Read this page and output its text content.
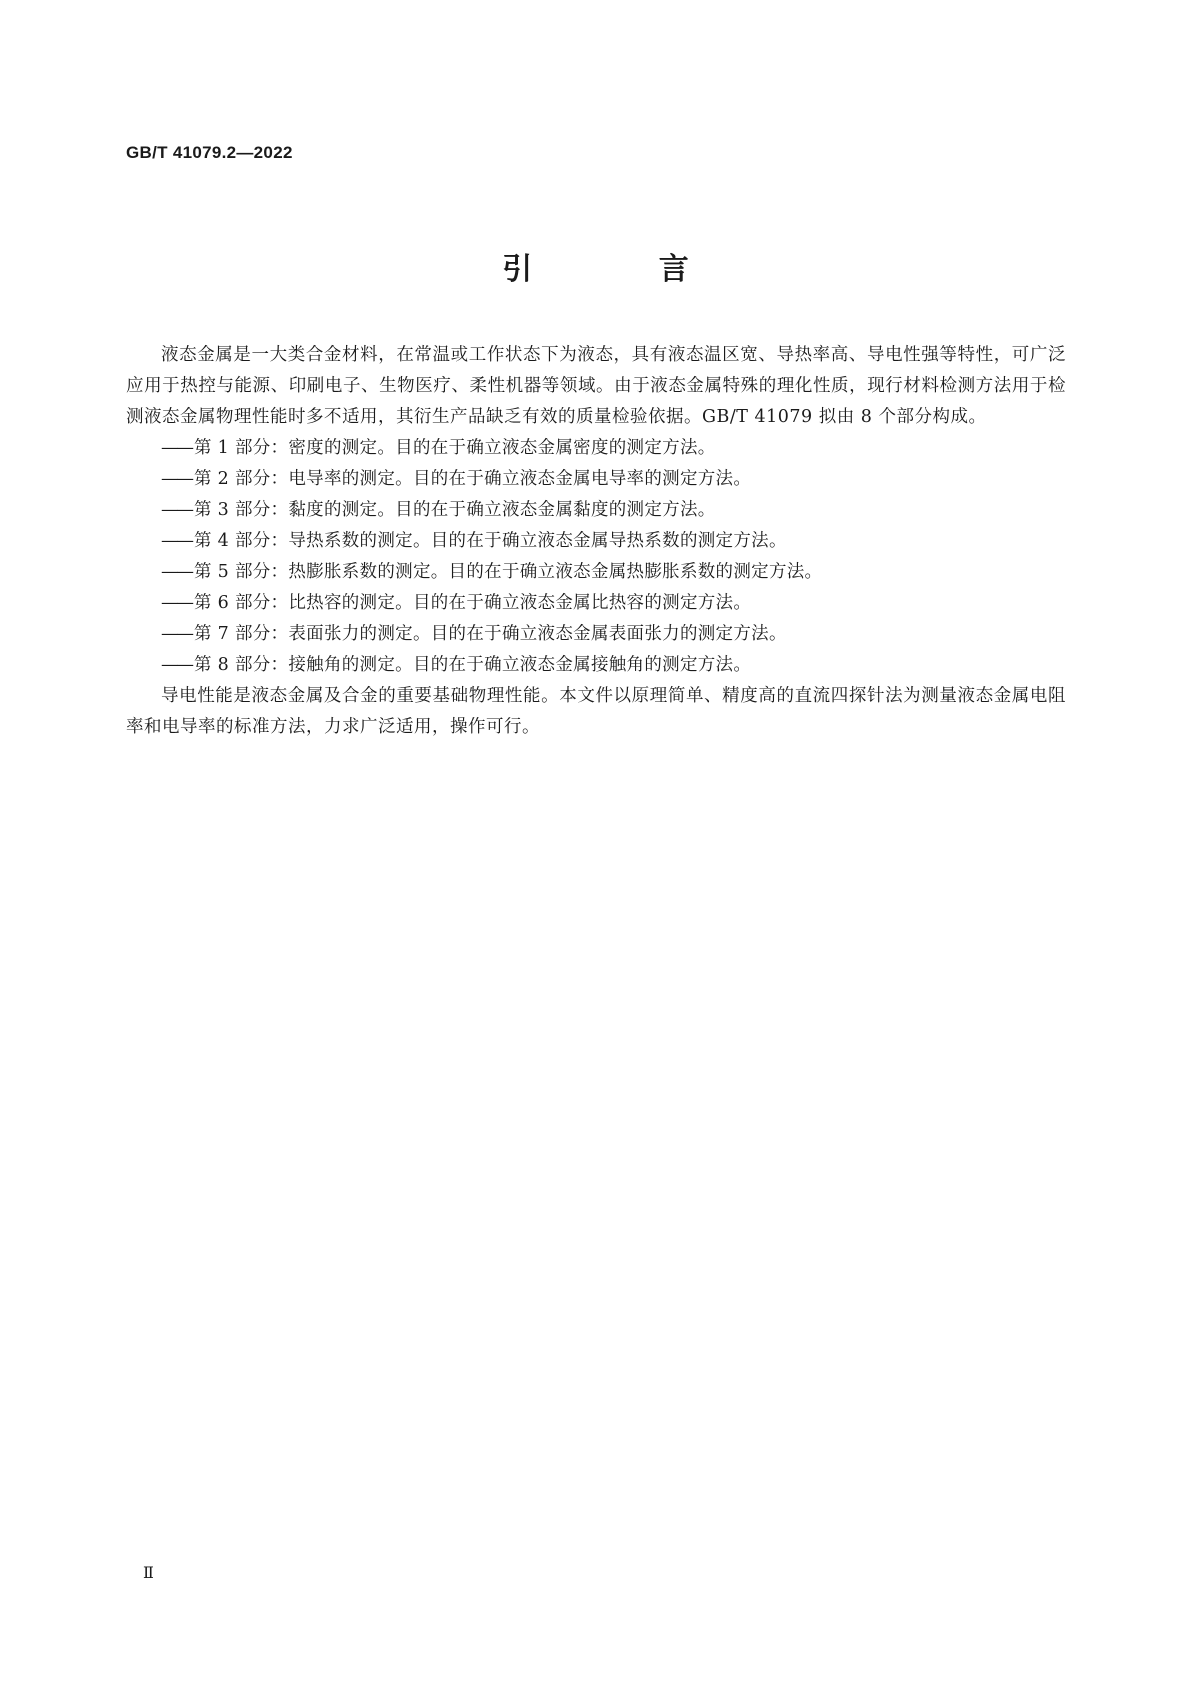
GB/T 41079.2—2022
引 言

液态金属是一大类合金材料，在常温或工作状态下为液态，具有液态温区宽、导热率高、导电性强等特性，可广泛应用于热控与能源、印刷电子、生物医疗、柔性机器等领域。由于液态金属特殊的理化性质，现行材料检测方法用于检测液态金属物理性能时多不适用，其衍生产品缺乏有效的质量检验依据。GB/T 41079 拟由 8 个部分构成。

—— 第 1 部分：密度的测定。目的在于确立液态金属密度的测定方法。
—— 第 2 部分：电导率的测定。目的在于确立液态金属电导率的测定方法。
—— 第 3 部分：黏度的测定。目的在于确立液态金属黏度的测定方法。
—— 第 4 部分：导热系数的测定。目的在于确立液态金属导热系数的测定方法。
—— 第 5 部分：热膨胀系数的测定。目的在于确立液态金属热膨胀系数的测定方法。
—— 第 6 部分：比热容的测定。目的在于确立液态金属比热容的测定方法。
—— 第 7 部分：表面张力的测定。目的在于确立液态金属表面张力的测定方法。
—— 第 8 部分：接触角的测定。目的在于确立液态金属接触角的测定方法。

导电性能是液态金属及合金的重要基础物理性能。本文件以原理简单、精度高的直流四探针法为测量液态金属电阻率和电导率的标准方法，力求广泛适用，操作可行。

Ⅱ
